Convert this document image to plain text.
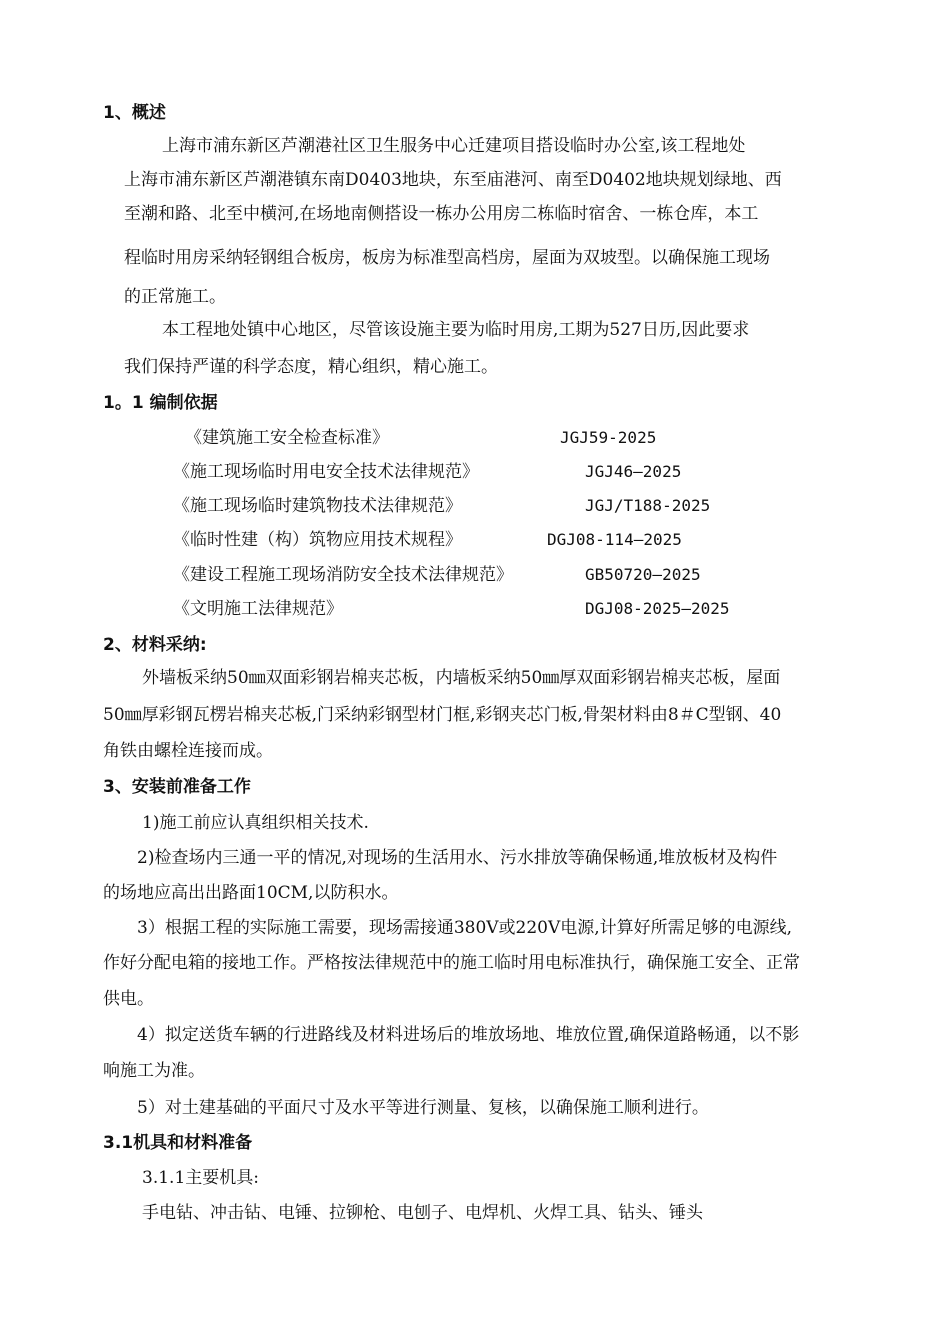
1、概述
上海市浦东新区芦潮港社区卫生服务中心迁建项目搭设临时办公室,该工程地处
上海市浦东新区芦潮港镇东南D0403地块，东至庙港河、南至D0402地块规划绿地、西
至潮和路、北至中横河,在场地南侧搭设一栋办公用房二栋临时宿舍、一栋仓库，本工
程临时用房采纳轻钢组合板房，板房为标准型高档房，屋面为双坡型。以确保施工现场
的正常施工。
本工程地处镇中心地区，尽管该设施主要为临时用房,工期为527日历,因此要求
我们保持严谨的科学态度，精心组织，精心施工。
1。1 编制依据
《建筑施工安全检查标准》	JGJ59-2025
《施工现场临时用电安全技术法律规范》	JGJ46—2025
《施工现场临时建筑物技术法律规范》	JGJ/T188-2025
《临时性建（构）筑物应用技术规程》	DGJ08-114—2025
《建设工程施工现场消防安全技术法律规范》	GB50720—2025
《文明施工法律规范》	DGJ08-2025—2025
2、材料采纳:
外墙板采纳50㎜双面彩钢岩棉夹芯板，内墙板采纳50㎜厚双面彩钢岩棉夹芯板，屋面
50㎜厚彩钢瓦楞岩棉夹芯板,门采纳彩钢型材门框,彩钢夹芯门板,骨架材料由8＃C型钢、40
角铁由螺栓连接而成。
3、安装前准备工作
1)施工前应认真组织相关技术.
2)检查场内三通一平的情况,对现场的生活用水、污水排放等确保畅通,堆放板材及构件
的场地应高出出路面10CM,以防积水。
3）根据工程的实际施工需要，现场需接通380V或220V电源,计算好所需足够的电源线,
作好分配电箱的接地工作。严格按法律规范中的施工临时用电标准执行，确保施工安全、正常
供电。
4）拟定送货车辆的行进路线及材料进场后的堆放场地、堆放位置,确保道路畅通，以不影
响施工为准。
5）对土建基础的平面尺寸及水平等进行测量、复核，以确保施工顺利进行。
3.1机具和材料准备
3.1.1主要机具:
手电钻、冲击钻、电锤、拉铆枪、电刨子、电焊机、火焊工具、钻头、锤头
